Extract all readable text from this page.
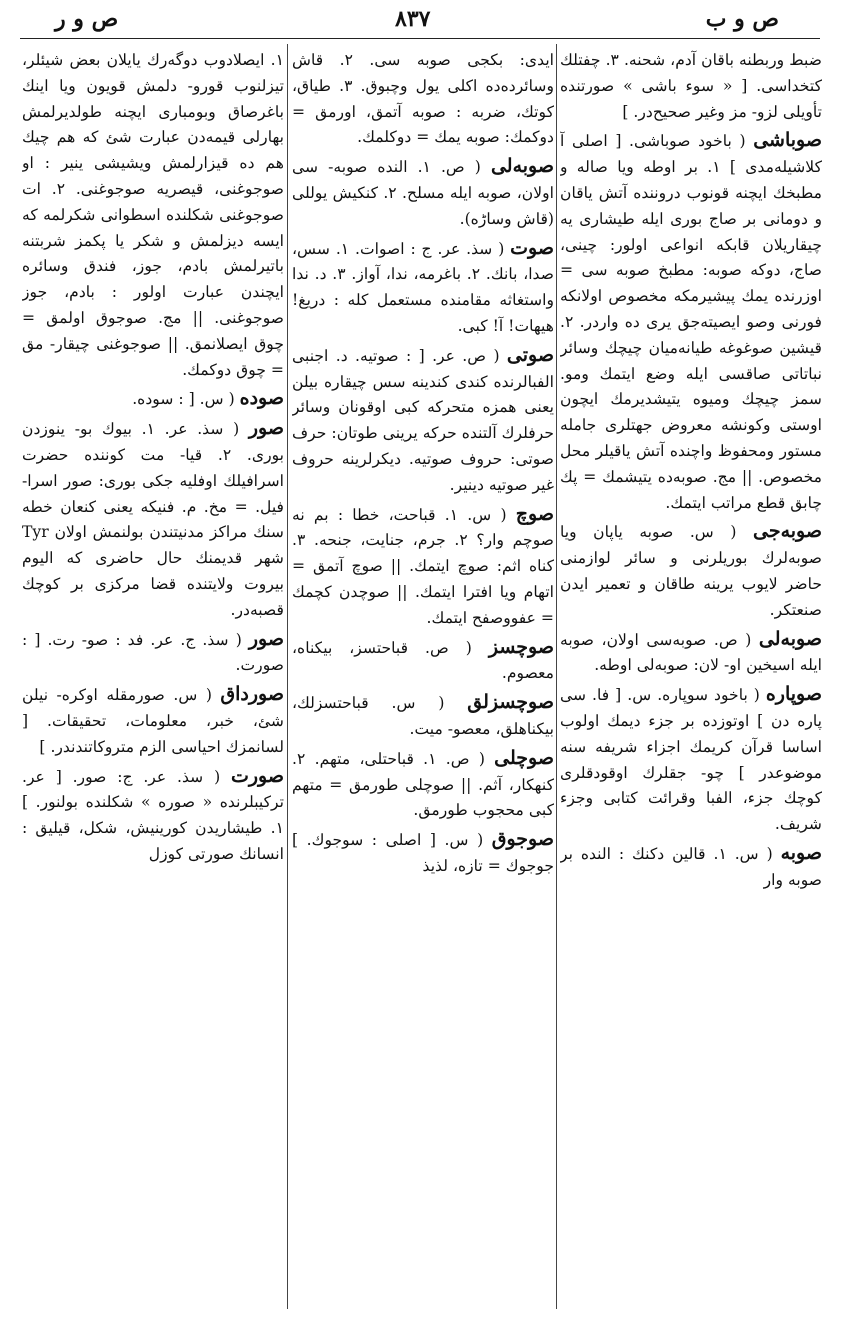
ص و ب
٨٣٧
ص و ر

ضبط وربطنه باقان آدم، شحنه. ٣. چفتلك كتخداسى. [ « سوء باشى » صورتنده تأويلى لزو- مز وغير صحيح‌در. ]

صوباشى ( باخود صوباشى. [ اصلى آ كلاشيله‌مدى ] ١. بر اوطه ويا صاله و مطبخك ايچنه قونوب دروننده آتش ياقان و دومانى بر صاج بورى ايله طيشارى يه چيقاريلان قابكه انواعى اولور: چينى، صاج، دوكه صوبه: مطبخ صوبه سى = اوزرنده يمك پيشيرمكه مخصوص اولانكه فورنى وصو ايصيته‌جق يرى ده واردر. ٢. قيشين صوغوغه طيانه‌ميان چيچك وسائر نباتاتى صاقسى ايله وضع ايتمك ومو. سمز چيچك وميوه يتيشديرمك ايچون اوستى وكونشه معروض جهتلرى جامله مستور ومحفوظ واچنده آتش ياقيلر محل مخصوص. || مج. صوبه‌ده يتيشمك = پك چابق قطع مراتب ايتمك.

صوبه‌جى ( س. صوبه ياپان ويا صوبه‌لرك بوريلرنى و سائر لوازمنى حاضر لايوب يرينه طاقان و تعمير ايدن صنعتكر.

صوبه‌لى ( ص. صوبه‌سى اولان، صوبه ايله اسيخين او- لان: صوبه‌لى اوطه.

صوپاره ( باخود سوپاره. س. [ فا. سى پاره‌ دن ] اوتوزده بر جزء ديمك اولوب اساسا قرآن كريمك اجزاء شريفه سنه موضوعدر ] چو- جقلرك اوقودقلرى كوچك جزء، الفبا وقرائت كتابى وجزء شريف.

صوبه ( س. ١. قالين دكنك : النده بر صوبه وار

ايدى: بكجى صوبه سى. ٢. قاش وسائرده‌ده اكلى يول وچبوق. ٣. طياق، كوتك، ضربه : صوبه آتمق، اورمق = دوكمك: صوبه يمك = دوكلمك.

صوبه‌لى ( ص. ١. النده صوبه- سى اولان، صوبه ايله مسلح. ٢. كنكيش يوللى (قاش وساڑه).

صوت ( سذ. عر. ج : اصوات. ١. سس، صدا، بانك. ٢. باغرمه، ندا، آواز. ٣. د. ندا واستغاثه مقامنده مستعمل كله : دريغ! هيهات! آ! كبى.

صوتى ( ص. عر. [ : صوتيه. د. اجنبى الفبالرنده كندى كندينه سس چيقاره بيلن يعنى همزه متحركه كبى اوقونان وسائر حرفلرك آلتنده حركه يرينى طوتان: حرف صوتى: حروف صوتيه. ديكرلرينه حروف غير صوتيه دينير.

صوچ ( س. ١. قباحت، خطا : بم نه صوچم وار؟ ٢. جرم، جنايت، جنحه. ٣. كناه اثم: صوچ ايتمك. || صوچ آتمق = اتهام ويا افترا ايتمك. || صوچدن كچمك = عفووصفح ايتمك.

صوچسز ( ص. قباحتسز، بيكناه، معصوم.

صوچسزلق ( س. قباحتسزلك، بيكناهلق، معصو- ميت.

صوچلى ( ص. ١. قباحتلى، متهم. ٢. كنهكار، آثم. || صوچلى طورمق = متهم كبى محجوب طورمق.

صوجوق ( س. [ اصلى : سوجوك. ] جوجوك = تازه، لذيذ

١. ايصلادوب دوگه‌رك يايلان بعض شيئلر، تيزلنوب قورو- دلمش قويون ويا اينك باغرصاق وبومبارى ايچنه طولديرلمش بهارلى قيمه‌دن عبارت شئ كه هم چيك هم ده قيزارلمش ويشيشى ينير : او صوجوغنى، قيصريه صوجوغنى. ٢. ات صوجوغنى شكلنده اسطوانى شكرلمه كه ايسه ديزلمش و شكر يا پكمز شربتنه باتيرلمش بادم، جوز، فندق وسائره ايچندن عبارت اولور : بادم، جوز صوجوغنى. || مج. صوجوق اولمق = چوق ايصلانمق. || صوجوغنى چيقار- مق = چوق دوكمك.

صوده ( س. [ : سوده.

صور ( سذ. عر. ١. بيوك بو- ينوزدن بورى. ٢. قيا- مت كوننده حضرت اسرافيلك اوفليه جكى بورى: صور اسرا- فيل. = مخ. م. فنيكه يعنى كنعان خطه سنك مراكز مدنيتندن بولنمش اولان Tyr شهر قديمنك حال حاضرى كه اليوم بيروت ولايتنده قضا مركزى بر كوچك قصبه‌در.

صور ( سذ. ج. عر. فد : صو- رت. [ : صورت.

صورداق ( س. صورمقله اوكره- نيلن شئ، خبر، معلومات، تحقيقات. [ لسانمزك احياسى الزم متروكاتندندر. ]

صورت ( سذ. عر. ج: صور. [ عر. تركيبلرنده « صوره » شكلنده بولنور. ] ١. طيشاريدن كورينيش، شكل، قيليق : انسانك صورتى كوزل
